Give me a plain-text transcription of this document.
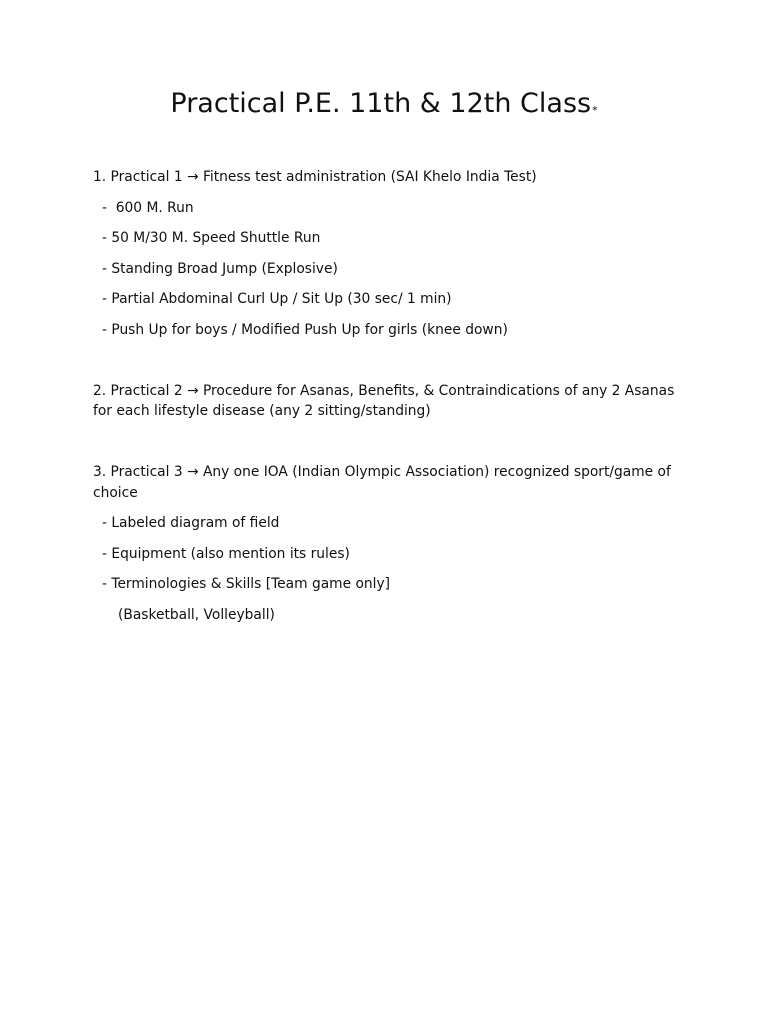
Practical P.E. 11th & 12th Class*

1. Practical 1 → Fitness test administration (SAI Khelo India Test)

-  600 M. Run

- 50 M/30 M. Speed Shuttle Run

- Standing Broad Jump (Explosive)

- Partial Abdominal Curl Up / Sit Up (30 sec/ 1 min)

- Push Up for boys / Modified Push Up for girls (knee down)

2. Practical 2 → Procedure for Asanas, Benefits, & Contraindications of any 2 Asanas for each lifestyle disease (any 2 sitting/standing)

3. Practical 3 → Any one IOA (Indian Olympic Association) recognized sport/game of choice

- Labeled diagram of field

- Equipment (also mention its rules)

- Terminologies & Skills [Team game only]

(Basketball, Volleyball)
